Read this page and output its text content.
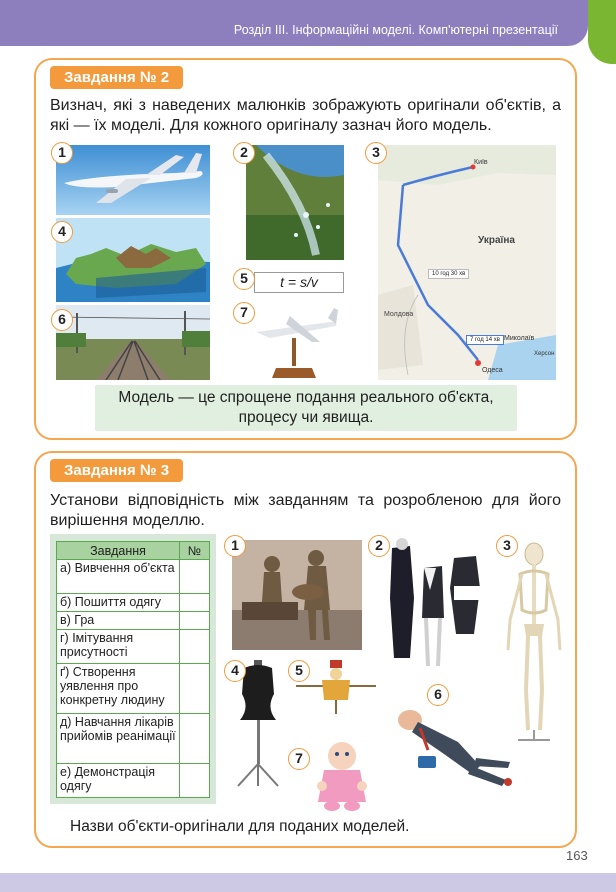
Розділ III. Інформаційні моделі. Комп'ютерні презентації
Завдання № 2
Визнач, які з наведених малюнків зображують оригінали об'єктів, а які — їх моделі. Для кожного оригіналу зазнач його модель.
1
4
6
2
5	t = s/v
7
Київ
Україна
Молдова
Миколаїв
Херсон
Одеса
10 год 30 хв
7 год 14 хв
3
Модель — це спрощене подання реального об'єкта, процесу чи явища.
Завдання № 3
Установи відповідність між завданням та розробленою для його вирішення моделлю.
Завдання	№
а) Вивчення об'єкта	
б) Пошиття одягу	
в) Гра	
г) Імітування присутності	
ґ) Створення уявлення про конкретну людину	
д) Навчання лікарів прийомів реанімації	
е) Демонстрація одягу	
1	2	3
4	5
6
7
Назви об'єкти-оригінали для поданих моделей.
163
